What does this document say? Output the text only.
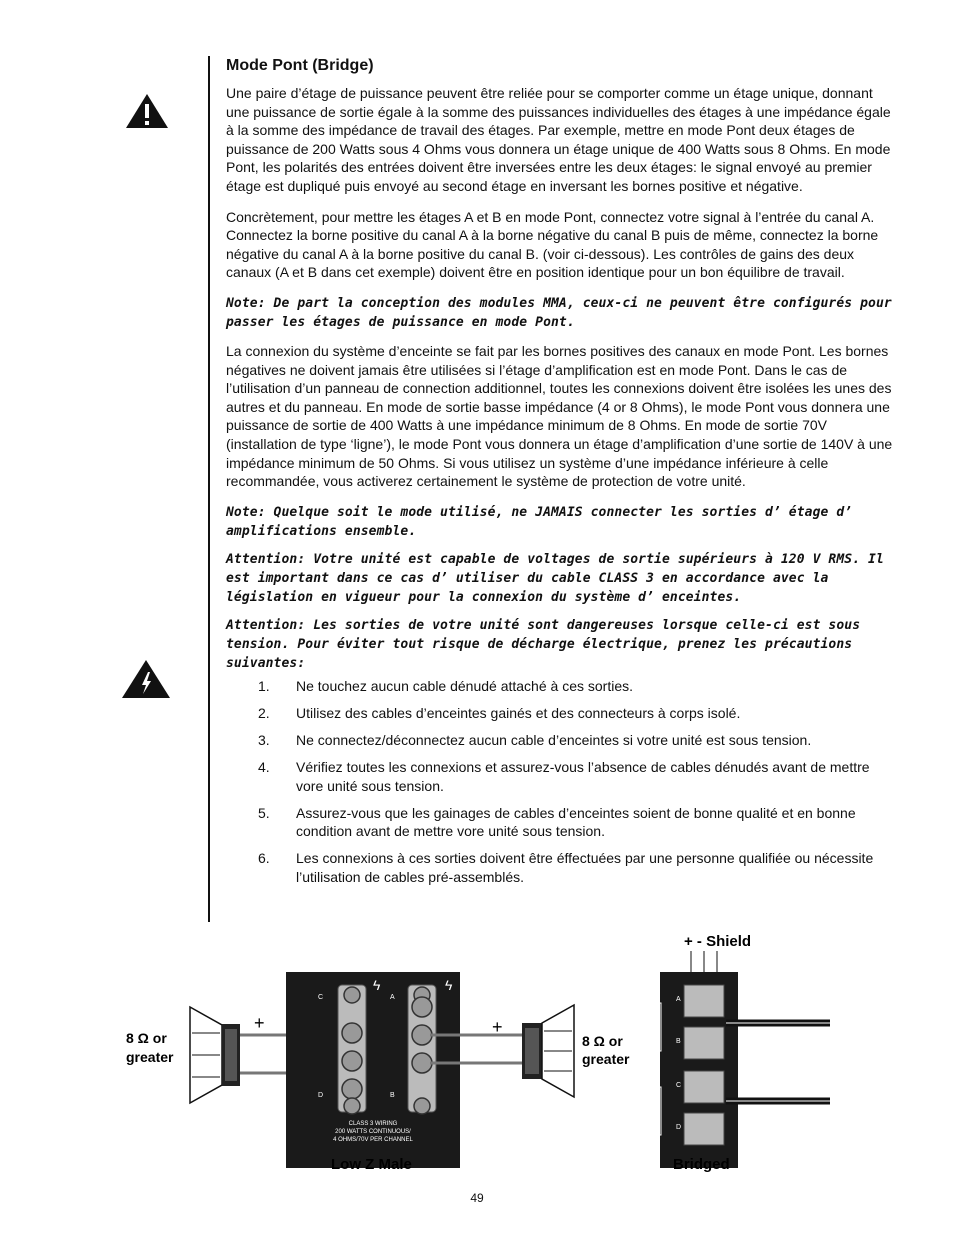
Mode Pont (Bridge)

Une paire d’étage de puissance peuvent être reliée pour se comporter comme un étage unique, donnant une puissance de sortie égale à la somme des puissances individuelles des étages à une impédance égale à la somme des impédance de travail des étages. Par exemple, mettre en mode Pont deux étages de puissance de 200 Watts sous 4 Ohms vous donnera un étage unique de 400 Watts sous 8 Ohms. En mode Pont, les polarités des entrées doivent être inversées entre les deux étages: le signal envoyé au premier étage est dupliqué puis envoyé au second étage en inversant les bornes positive et négative.

Concrètement, pour mettre les étages A et B en mode Pont, connectez votre signal à l’entrée du canal A. Connectez la borne positive du canal A à la borne négative du canal B puis de même, connectez la borne négative du canal A à la borne positive du canal B. (voir ci-dessous). Les contrôles de gains des deux canaux (A et B dans cet exemple) doivent être en position identique pour un bon équilibre de travail.

Note: De part la conception des modules MMA, ceux-ci ne peuvent être configurés pour passer les étages de puissance en mode Pont.

La connexion du système d’enceinte se fait par les bornes positives des canaux en mode Pont. Les bornes négatives ne doivent jamais être utilisées si l’étage d’amplification est en mode Pont. Dans le cas de l’utilisation d’un panneau de connection additionnel, toutes les connexions doivent être isolées les unes des autres et du panneau. En mode de sortie basse impédance (4 or 8 Ohms), le mode Pont vous donnera une puissance de sortie de 400 Watts à une impédance minimum de 8 Ohms. En mode de sortie 70V (installation de type ‘ligne’), le mode Pont vous donnera un étage d’amplification d’une sortie de 140V à une impédance minimum de 50 Ohms. Si vous utilisez un système d’une impédance inférieure à celle recommandée, vous activerez certainement le système de protection de votre unité.

Note: Quelque soit le mode utilisé, ne JAMAIS connecter les sorties d’ étage d’ amplifications ensemble.

Attention: Votre unité est capable de voltages de sortie supérieurs à 120 V RMS. Il est important dans ce cas d’ utiliser du cable CLASS 3 en accordance avec la législation en vigueur pour la connexion du système d’ enceintes.

Attention: Les sorties de votre unité sont dangereuses lorsque celle-ci est sous tension. Pour éviter tout risque de décharge électrique, prenez les précautions suivantes:

1. Ne touchez aucun cable dénudé attaché à ces sorties.
2. Utilisez des cables d’enceintes gainés et des connecteurs à corps isolé.
3. Ne connectez/déconnectez aucun cable d’enceintes si votre unité est sous tension.
4. Vérifiez toutes les connexions et assurez-vous l’absence de cables dénudés avant de mettre vore unité sous tension.
5. Assurez-vous que les gainages de cables d’enceintes soient de bonne qualité et en bonne condition avant de mettre vore unité sous tension.
6. Les connexions à ces sorties doivent être éffectuées par une personne qualifiée ou nécessite l’utilisation de cables pré-assemblés.
8 Ω or
greater
+
C
D
A
B
ϟ	ϟ
CLASS 3 WIRING
200 WATTS CONTINUOUS/
4 OHMS/70V PER CHANNEL
+
8 Ω or
greater
Low Z Male
+ - Shield
A
B
C
D
Bridged
49
